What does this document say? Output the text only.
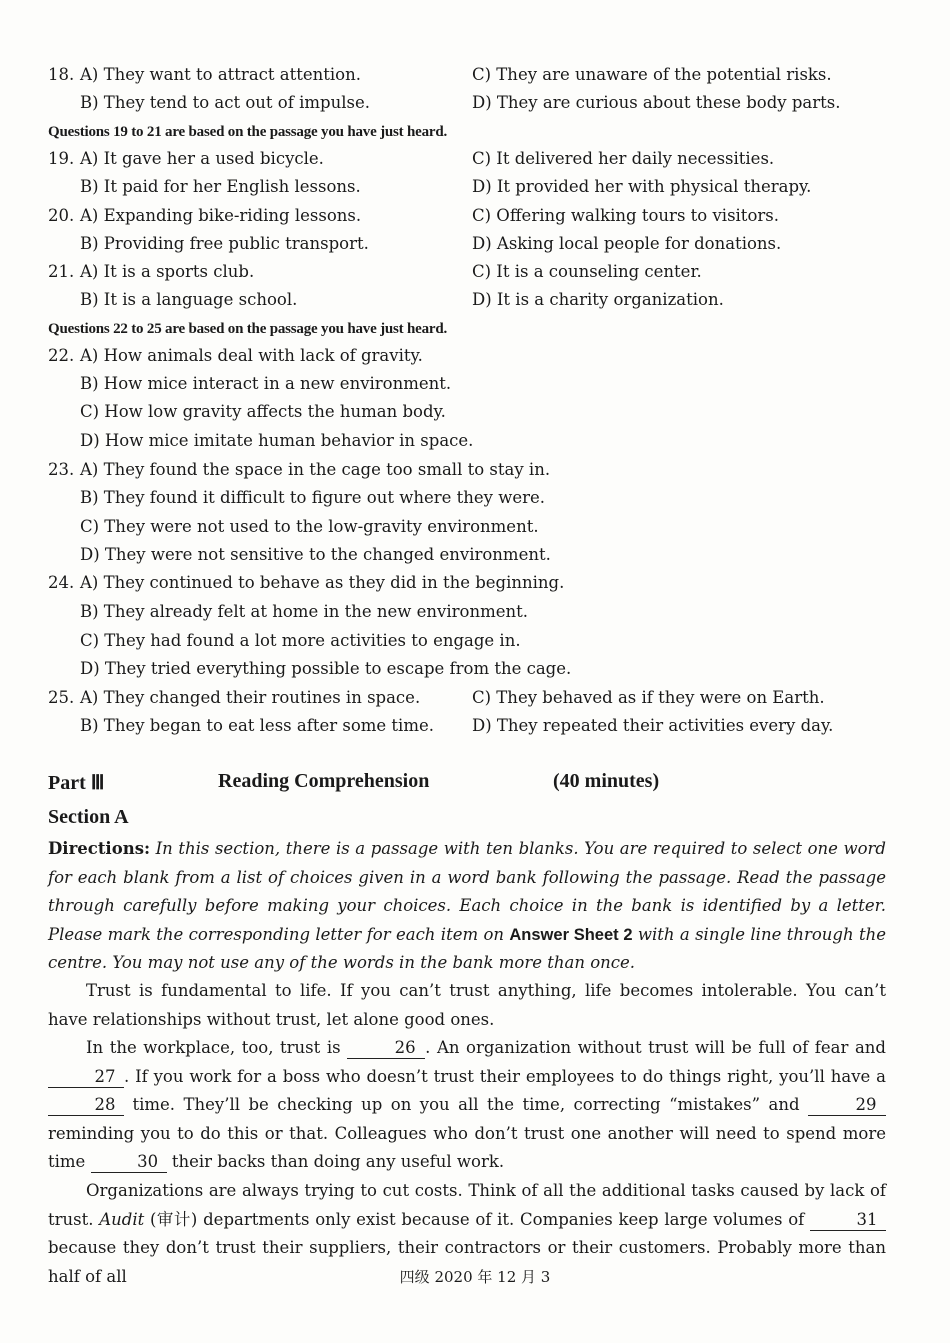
18. A) They want to attract attention.	C) They are unaware of the potential risks.
B) They tend to act out of impulse.	D) They are curious about these body parts.
Questions 19 to 21 are based on the passage you have just heard.
19. A) It gave her a used bicycle.	C) It delivered her daily necessities.
B) It paid for her English lessons.	D) It provided her with physical therapy.
20. A) Expanding bike-riding lessons.	C) Offering walking tours to visitors.
B) Providing free public transport.	D) Asking local people for donations.
21. A) It is a sports club.	C) It is a counseling center.
B) It is a language school.	D) It is a charity organization.
Questions 22 to 25 are based on the passage you have just heard.
22. A) How animals deal with lack of gravity.
B) How mice interact in a new environment.
C) How low gravity affects the human body.
D) How mice imitate human behavior in space.
23. A) They found the space in the cage too small to stay in.
B) They found it difficult to figure out where they were.
C) They were not used to the low-gravity environment.
D) They were not sensitive to the changed environment.
24. A) They continued to behave as they did in the beginning.
B) They already felt at home in the new environment.
C) They had found a lot more activities to engage in.
D) They tried everything possible to escape from the cage.
25. A) They changed their routines in space.	C) They behaved as if they were on Earth.
B) They began to eat less after some time. D) They repeated their activities every day.
Part Ⅲ	Reading Comprehension	(40 minutes)
Section A
Directions: In this section, there is a passage with ten blanks. You are required to select one word for each blank from a list of choices given in a word bank following the passage. Read the passage through carefully before making your choices. Each choice in the bank is identified by a letter. Please mark the corresponding letter for each item on Answer Sheet 2 with a single line through the centre. You may not use any of the words in the bank more than once.
Trust is fundamental to life. If you can’t trust anything, life becomes intolerable. You can’t have relationships without trust, let alone good ones.
In the workplace, too, trust is	26 . An organization without trust will be full of fear and 27 . If you work for a boss who doesn’t trust their employees to do things right, you’ll have a 28 time. They’ll be checking up on you all the time, correcting “mistakes” and	29 reminding you to do this or that. Colleagues who don’t trust one another will need to spend more time	30 their backs than doing any useful work.
Organizations are always trying to cut costs. Think of all the additional tasks caused by lack of trust. Audit (审计) departments only exist because of it. Companies keep large volumes of	31 because they don’t trust their suppliers, their contractors or their customers. Probably more than half of all	四级 2020 年 12 月 3
